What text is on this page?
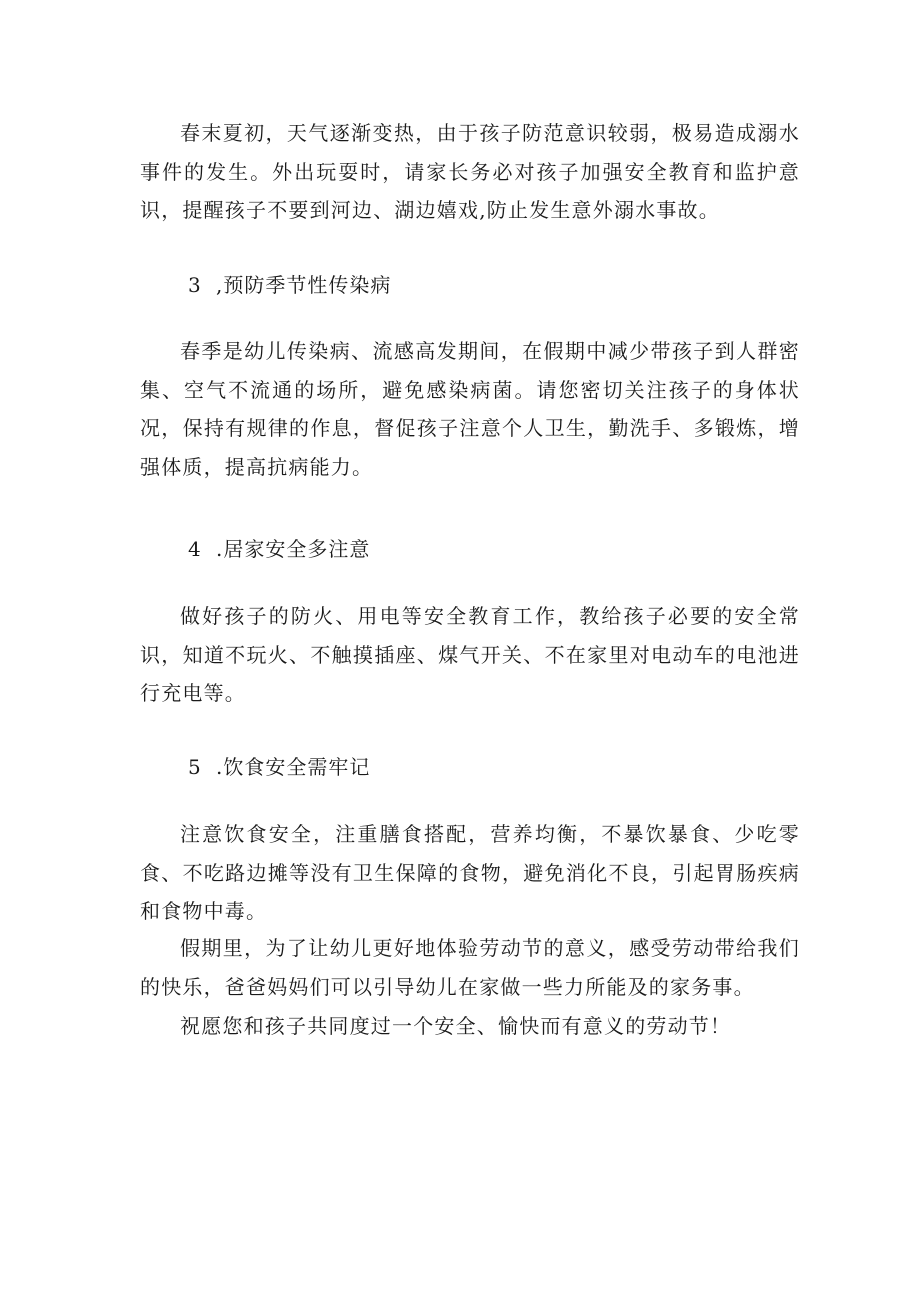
春末夏初，天气逐渐变热，由于孩子防范意识较弱，极易造成溺水事件的发生。外出玩耍时，请家长务必对孩子加强安全教育和监护意识，提醒孩子不要到河边、湖边嬉戏,防止发生意外溺水事故。

3 ,预防季节性传染病

春季是幼儿传染病、流感高发期间，在假期中减少带孩子到人群密集、空气不流通的场所，避免感染病菌。请您密切关注孩子的身体状况，保持有规律的作息，督促孩子注意个人卫生，勤洗手、多锻炼，增强体质，提高抗病能力。

4 .居家安全多注意

做好孩子的防火、用电等安全教育工作，教给孩子必要的安全常识，知道不玩火、不触摸插座、煤气开关、不在家里对电动车的电池进行充电等。

5 .饮食安全需牢记

注意饮食安全，注重膳食搭配，营养均衡，不暴饮暴食、少吃零食、不吃路边摊等没有卫生保障的食物，避免消化不良，引起胃肠疾病和食物中毒。

假期里，为了让幼儿更好地体验劳动节的意义，感受劳动带给我们的快乐，爸爸妈妈们可以引导幼儿在家做一些力所能及的家务事。

祝愿您和孩子共同度过一个安全、愉快而有意义的劳动节！
